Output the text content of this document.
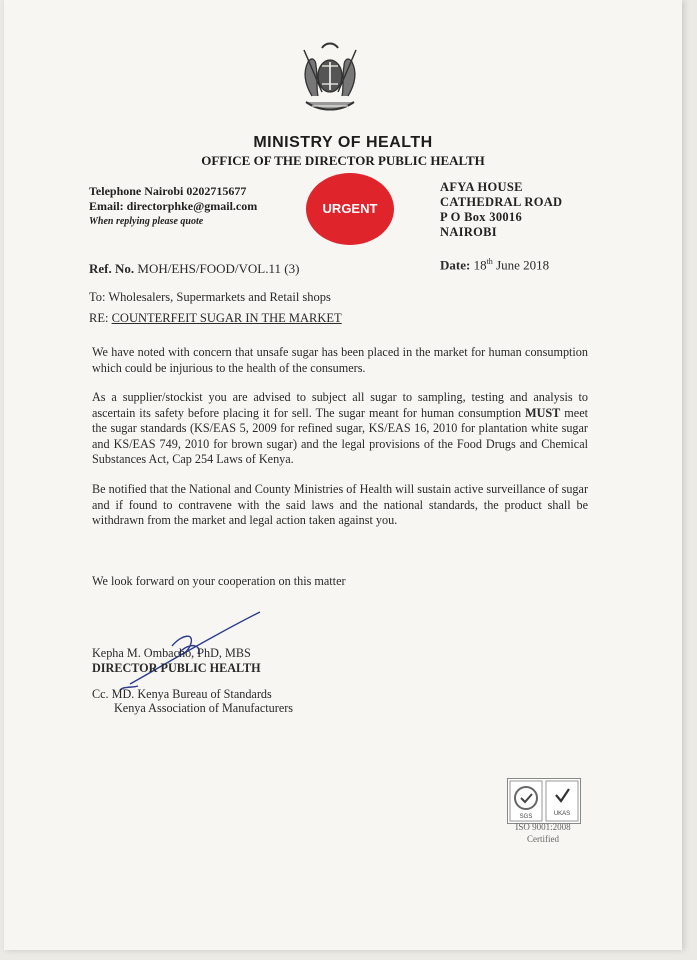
MINISTRY OF HEALTH
OFFICE OF THE DIRECTOR PUBLIC HEALTH
Telephone Nairobi 0202715677
Email: directorphke@gmail.com
When replying please quote
URGENT
AFYA HOUSE
CATHEDRAL ROAD
P O Box 30016
NAIROBI
Ref. No. MOH/EHS/FOOD/VOL.11 (3)	Date: 18th June 2018
To: Wholesalers, Supermarkets and Retail shops
RE: COUNTERFEIT SUGAR IN THE MARKET
We have noted with concern that unsafe sugar has been placed in the market for human consumption which could be injurious to the health of the consumers.
As a supplier/stockist you are advised to subject all sugar to sampling, testing and analysis to ascertain its safety before placing it for sell. The sugar meant for human consumption MUST meet the sugar standards (KS/EAS 5, 2009 for refined sugar, KS/EAS 16, 2010 for plantation white sugar and KS/EAS 749, 2010 for brown sugar) and the legal provisions of the Food Drugs and Chemical Substances Act, Cap 254 Laws of Kenya.
Be notified that the National and County Ministries of Health will sustain active surveillance of sugar and if found to contravene with the said laws and the national standards, the product shall be withdrawn from the market and legal action taken against you.
We look forward on your cooperation on this matter
Kepha M. Ombacho, PhD, MBS
DIRECTOR PUBLIC HEALTH
Cc. MD. Kenya Bureau of Standards
Kenya Association of Manufacturers
SGS	UKAS
ISO 9001:2008
Certified
